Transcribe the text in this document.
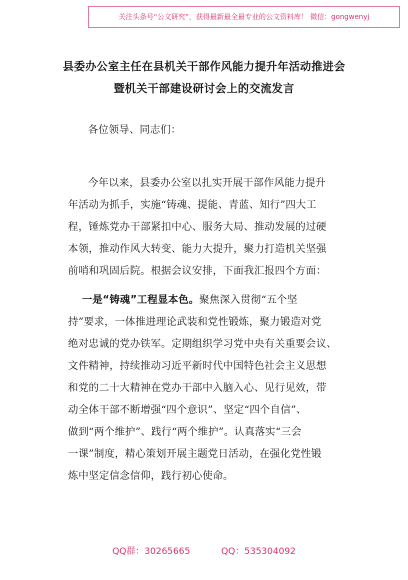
关注头条号“公文研究”，获得最新最全最专业的公文资料库！ 微信：gongwenyj
县委办公室主任在县机关干部作风能力提升年活动推进会
暨机关干部建设研讨会上的交流发言
各位领导、同志们：
今年以来，县委办公室以扎实开展干部作风能力提升
年活动为抓手，实施“铸魂、提能、青蓝、知行”四大工
程，锤炼党办干部紧扣中心、服务大局、推动发展的过硬
本领，推动作风大转变、能力大提升，聚力打造机关坚强
前哨和巩固后院。根据会议安排，下面我汇报四个方面：
一是“铸魂”工程显本色。聚焦深入贯彻“五个坚
持”要求，一体推进理论武装和党性锻炼，聚力锻造对党
绝对忠诚的党办铁军。定期组织学习党中央有关重要会议、
文件精神，持续推动习近平新时代中国特色社会主义思想
和党的二十大精神在党办干部中入脑入心、见行见效，带
动全体干部不断增强“四个意识”、坚定“四个自信”、
做到“两个维护”、践行“两个维护”。认真落实“三会
一课”制度，精心策划开展主题党日活动，在强化党性锻
炼中坚定信念信仰，践行初心使命。
QQ群：30265665	QQ：535304092
